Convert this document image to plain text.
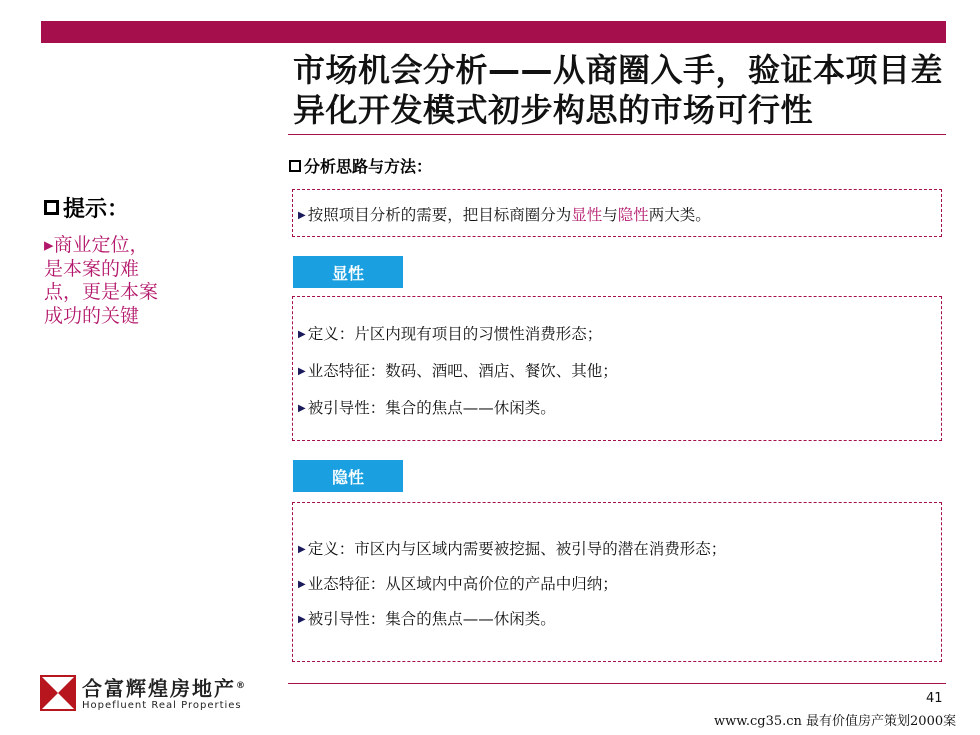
市场机会分析——从商圈入手，验证本项目差
异化开发模式初步构思的市场可行性
提示：
▸商业定位，
是本案的难
点，更是本案
成功的关键
分析思路与方法：
▶ 按照项目分析的需要，把目标商圈分为显性与隐性两大类。
显性
▶ 定义：片区内现有项目的习惯性消费形态；
▶ 业态特征：数码、酒吧、酒店、餐饮、其他；
▶ 被引导性：集合的焦点——休闲类。
隐性
▶ 定义：市区内与区域内需要被挖掘、被引导的潜在消费形态；
▶ 业态特征：从区域内中高价位的产品中归纳；
▶ 被引导性：集合的焦点——休闲类。
合富辉煌房地产®
Hopefluent Real Properties	41
www.cg35.cn 最有价值房产策划2000案
